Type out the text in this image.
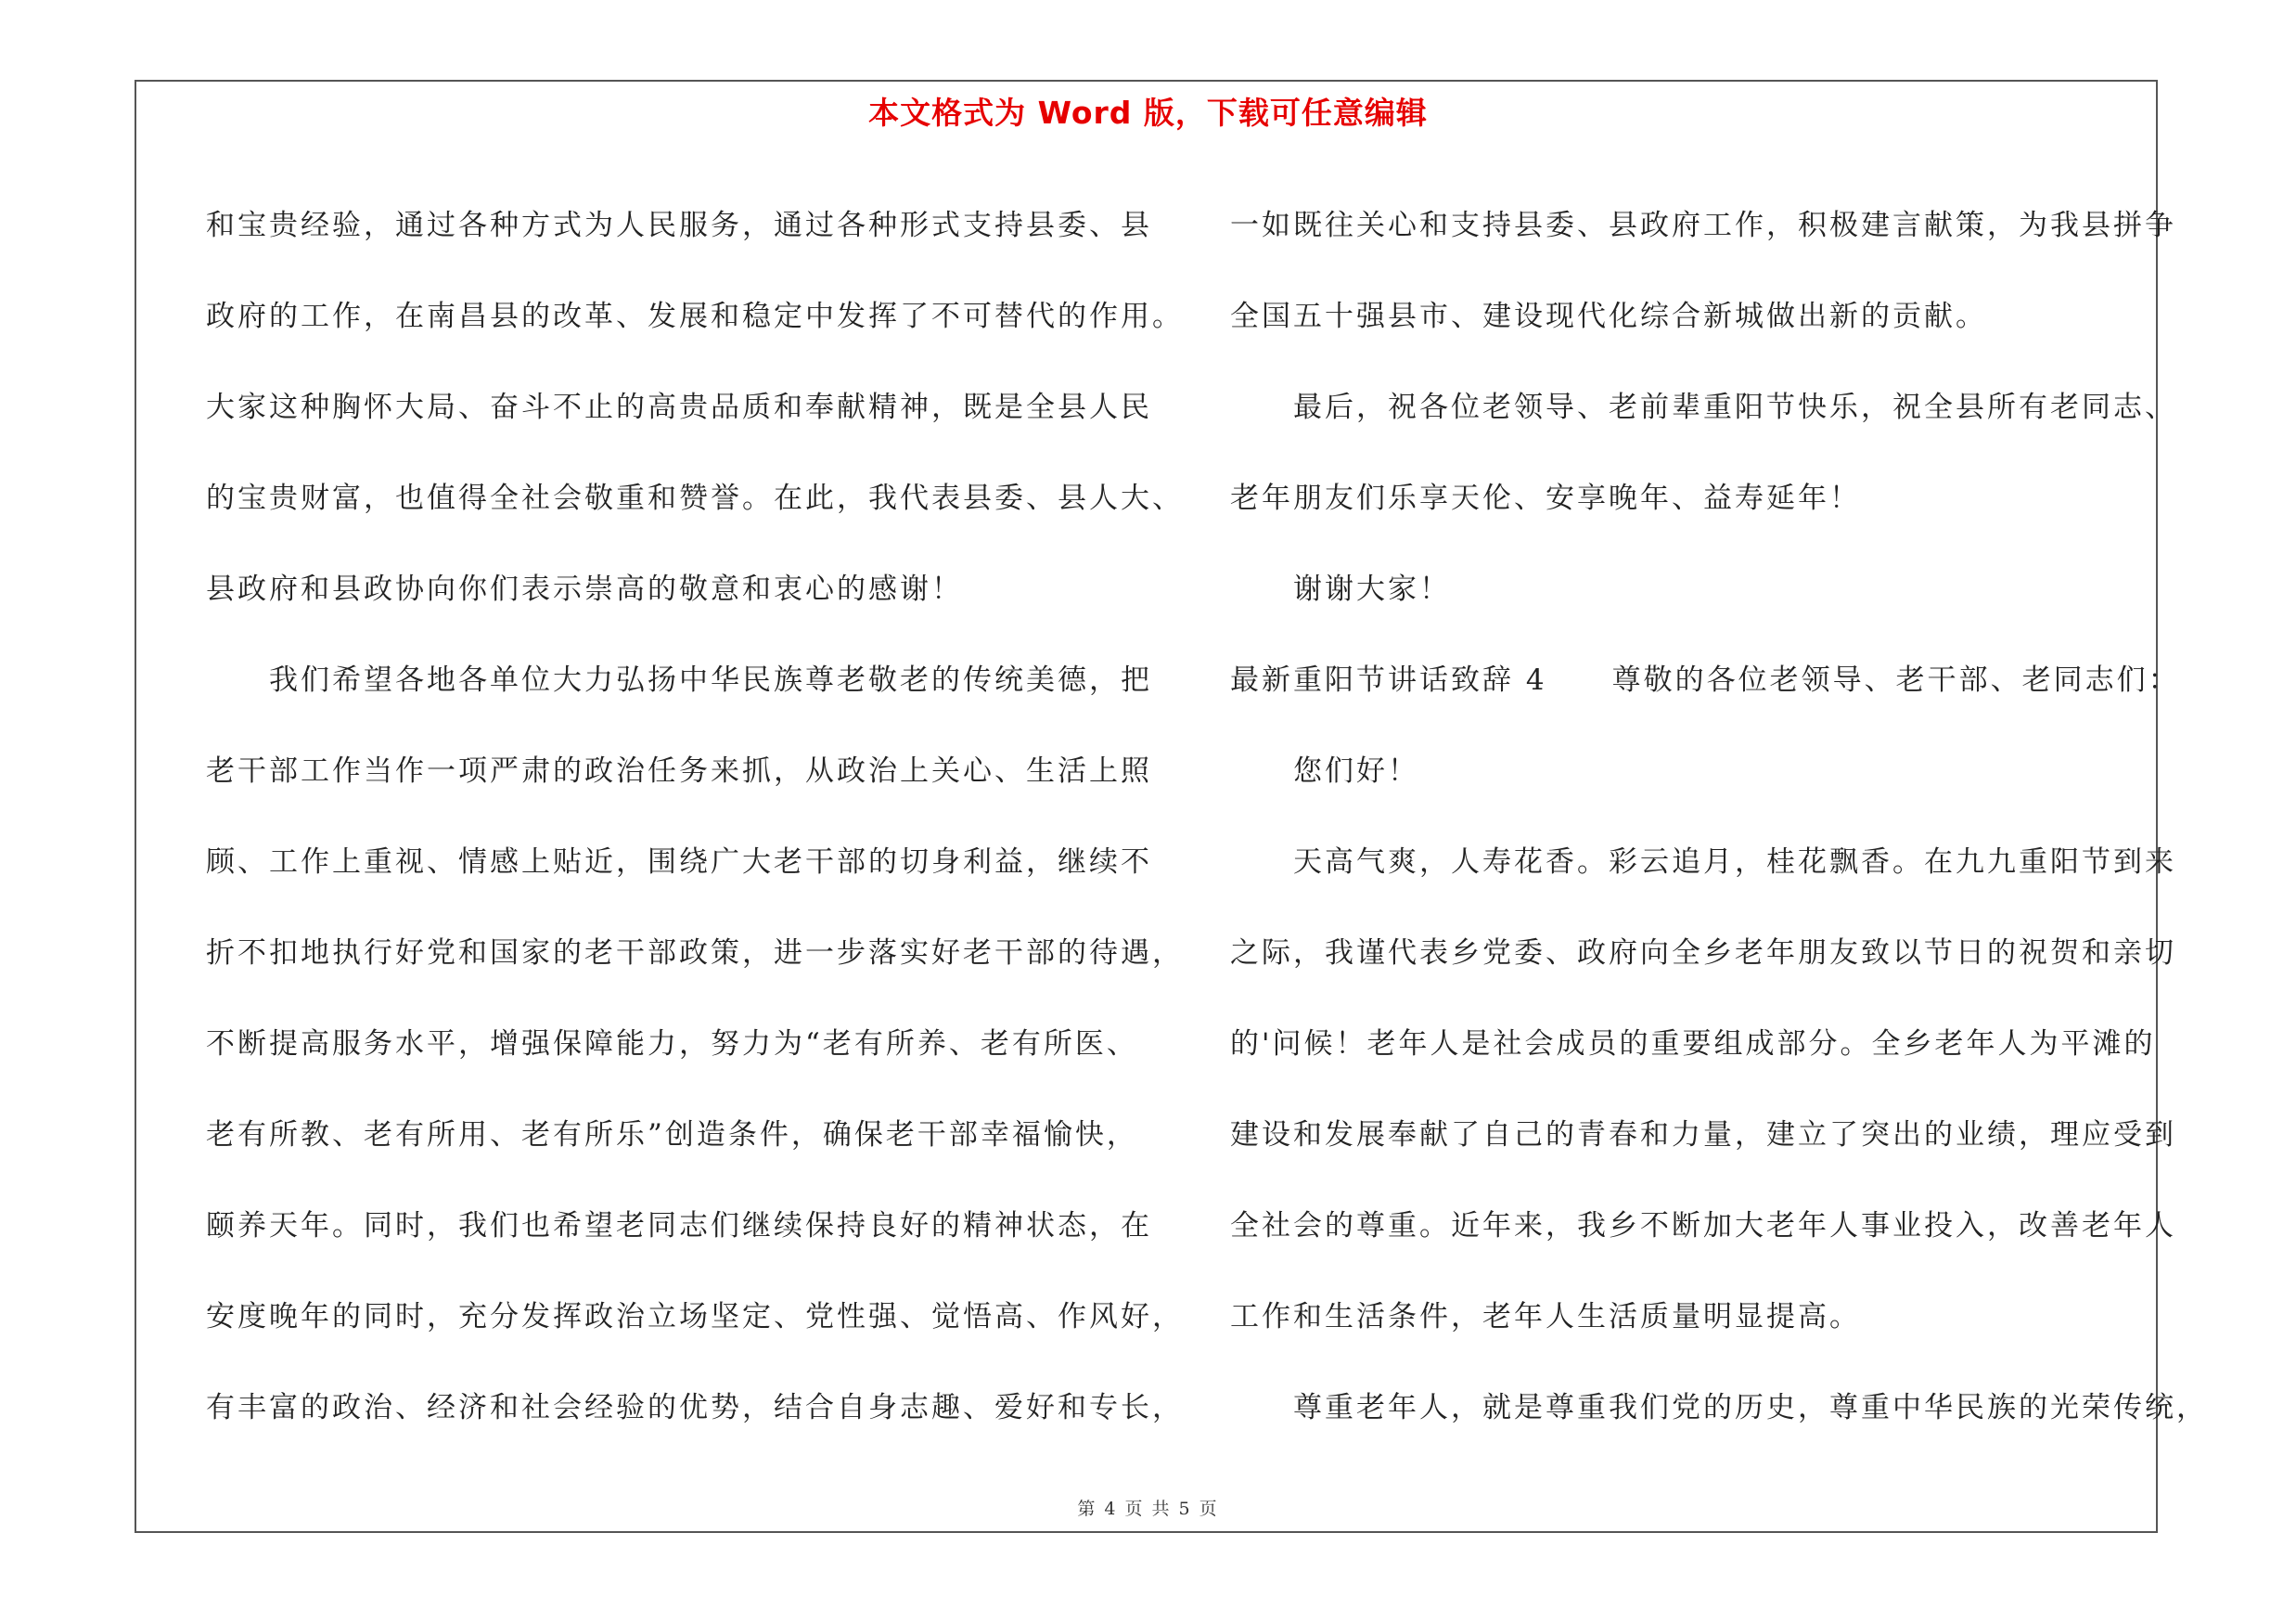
本文格式为 Word 版，下载可任意编辑
和宝贵经验，通过各种方式为人民服务，通过各种形式支持县委、县
政府的工作，在南昌县的改革、发展和稳定中发挥了不可替代的作用。
大家这种胸怀大局、奋斗不止的高贵品质和奉献精神，既是全县人民
的宝贵财富，也值得全社会敬重和赞誉。在此，我代表县委、县人大、
县政府和县政协向你们表示崇高的敬意和衷心的感谢！
我们希望各地各单位大力弘扬中华民族尊老敬老的传统美德，把
老干部工作当作一项严肃的政治任务来抓，从政治上关心、生活上照
顾、工作上重视、情感上贴近，围绕广大老干部的切身利益，继续不
折不扣地执行好党和国家的老干部政策，进一步落实好老干部的待遇，
不断提高服务水平，增强保障能力，努力为“老有所养、老有所医、
老有所教、老有所用、老有所乐”创造条件，确保老干部幸福愉快，
颐养天年。同时，我们也希望老同志们继续保持良好的精神状态，在
安度晚年的同时，充分发挥政治立场坚定、党性强、觉悟高、作风好，
有丰富的政治、经济和社会经验的优势，结合自身志趣、爱好和专长，
一如既往关心和支持县委、县政府工作，积极建言献策，为我县拼争
全国五十强县市、建设现代化综合新城做出新的贡献。
最后，祝各位老领导、老前辈重阳节快乐，祝全县所有老同志、
老年朋友们乐享天伦、安享晚年、益寿延年！
谢谢大家！
最新重阳节讲话致辞 4 尊敬的各位老领导、老干部、老同志们：
您们好！
天高气爽，人寿花香。彩云追月，桂花飘香。在九九重阳节到来
之际，我谨代表乡党委、政府向全乡老年朋友致以节日的祝贺和亲切
的'问候！老年人是社会成员的重要组成部分。全乡老年人为平滩的
建设和发展奉献了自己的青春和力量，建立了突出的业绩，理应受到
全社会的尊重。近年来，我乡不断加大老年人事业投入，改善老年人
工作和生活条件，老年人生活质量明显提高。
尊重老年人，就是尊重我们党的历史，尊重中华民族的光荣传统，
第 4 页 共 5 页
